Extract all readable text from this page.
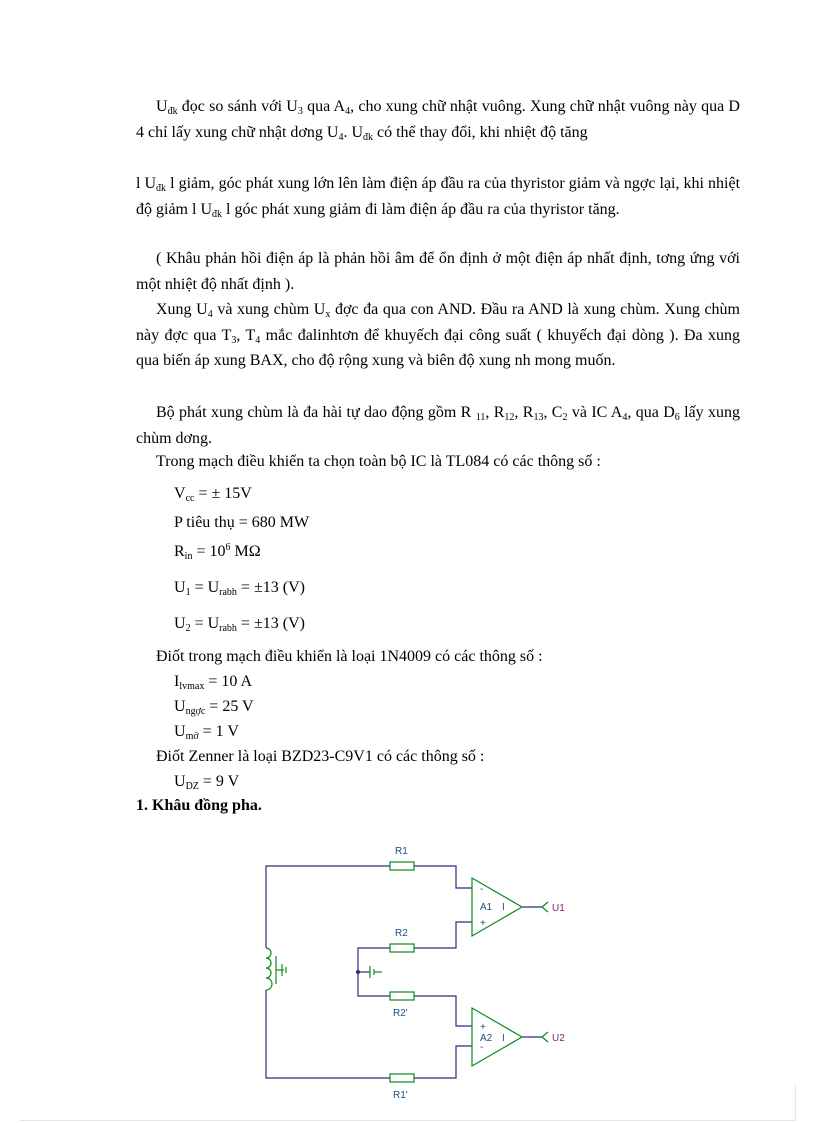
$U_{đk}$ đọc so sánh với $U_3$ qua $A_4$, cho xung chữ nhật vuông. Xung chữ nhật vuông này qua D 4 chỉ lấy xung chữ nhật dơng $U_4$. $U_{đk}$ có thể thay đổi, khi nhiệt độ tăng

l $U_{đk}$ l giảm, góc phát xung lớn lên làm điện áp đầu ra của thyristor giảm và ngợc lại, khi nhiệt độ giảm l $U_{đk}$ l góc phát xung giảm đi làm điện áp đầu ra của thyristor tăng.

( Khâu phản hồi điện áp là phản hồi âm để ổn định ở một điện áp nhất định, tơng ứng với một nhiệt độ nhất định ).

Xung $U_4$ và xung chùm $U_x$ đợc đa qua con AND. Đầu ra AND là xung chùm. Xung chùm này đợc qua $T_3$, $T_4$ mắc đalinhtơn để khuyếch đại công suất ( khuyếch đại dòng ). Đa xung qua biến áp xung BAX, cho độ rộng xung và biên độ xung nh mong muốn.

Bộ phát xung chùm là đa hài tự dao động gồm R $_{11}$, $R_{12}$, $R_{13}$, $C_2$ và IC $A_4$, qua $D_6$ lấy xung chùm dơng.

Trong mạch điều khiển ta chọn toàn bộ IC là TL084 có các thông số :

$V_{cc}$ = ± 15V

P tiêu thụ = 680 MW

$R_{in} = 10^6$ MΩ

$U_1 = U_{rabh} = \pm 13$ (V)

$U_2 = U_{rabh} = \pm 13$ (V)

Điốt trong mạch điều khiển là loại 1N4009 có các thông số :

$I_{lvmax} = 10$ A

$U_{ngợc} = 25$ V

$U_{mở} = 1$ V

Điốt Zenner là loại BZD23-C9V1 có các thông số :

$U_{DZ} = 9$ V

1. Khâu đồng pha.

R1
R2
R2'
R1'
-
+
A1 I
+
-
A2 I
U1
U2
